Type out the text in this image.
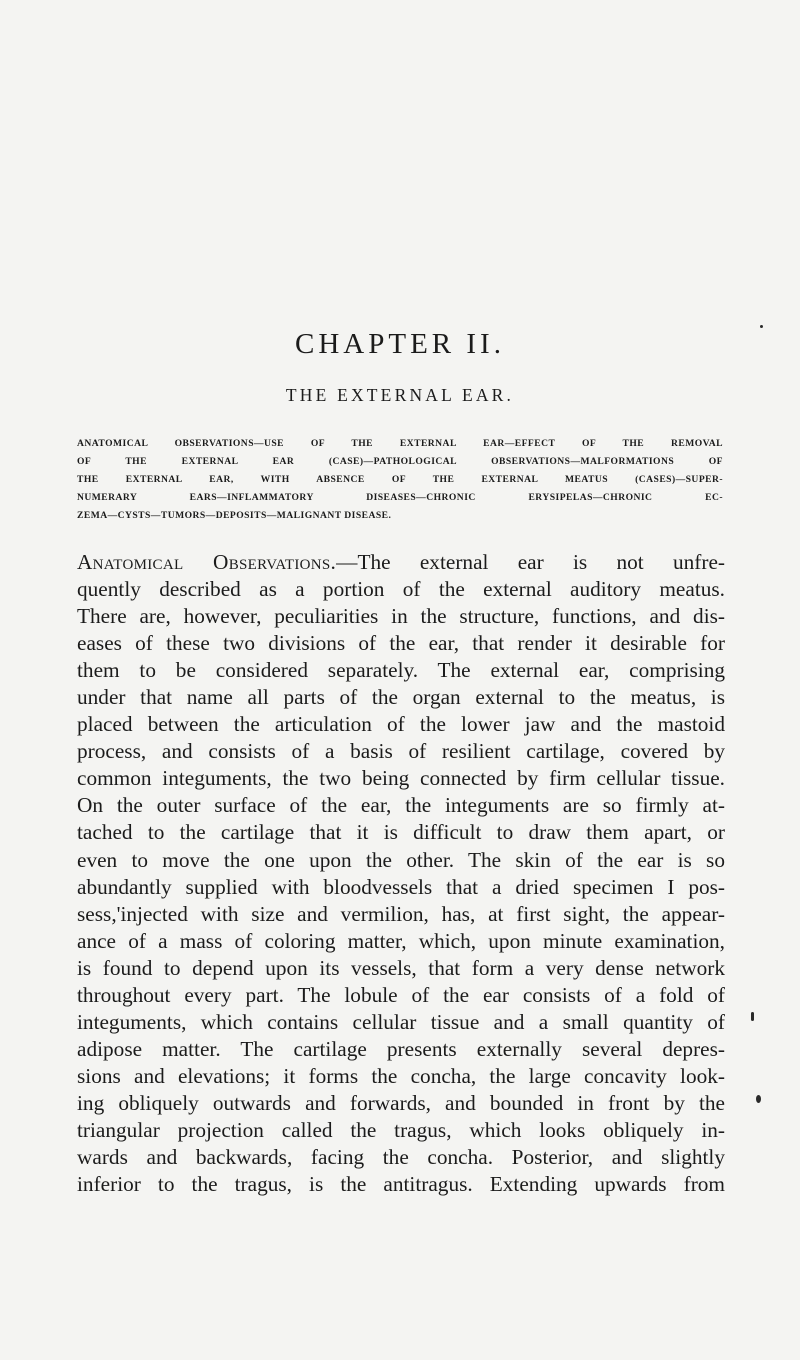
CHAPTER II.
THE EXTERNAL EAR.
ANATOMICAL OBSERVATIONS—USE OF THE EXTERNAL EAR—EFFECT OF THE REMOVAL
OF THE EXTERNAL EAR (CASE)—PATHOLOGICAL OBSERVATIONS—MALFORMATIONS OF
THE EXTERNAL EAR, WITH ABSENCE OF THE EXTERNAL MEATUS (CASES)—SUPER-
NUMERARY EARS—INFLAMMATORY DISEASES—CHRONIC ERYSIPELAS—CHRONIC EC-
ZEMA—CYSTS—TUMORS—DEPOSITS—MALIGNANT DISEASE.
Anatomical Observations.—The external ear is not unfre-
quently described as a portion of the external auditory meatus.
There are, however, peculiarities in the structure, functions, and dis-
eases of these two divisions of the ear, that render it desirable for
them to be considered separately. The external ear, comprising
under that name all parts of the organ external to the meatus, is
placed between the articulation of the lower jaw and the mastoid
process, and consists of a basis of resilient cartilage, covered by
common integuments, the two being connected by firm cellular tissue.
On the outer surface of the ear, the integuments are so firmly at-
tached to the cartilage that it is difficult to draw them apart, or
even to move the one upon the other. The skin of the ear is so
abundantly supplied with bloodvessels that a dried specimen I pos-
sess,'injected with size and vermilion, has, at first sight, the appear-
ance of a mass of coloring matter, which, upon minute examination,
is found to depend upon its vessels, that form a very dense network
throughout every part. The lobule of the ear consists of a fold of
integuments, which contains cellular tissue and a small quantity of
adipose matter. The cartilage presents externally several depres-
sions and elevations; it forms the concha, the large concavity look-
ing obliquely outwards and forwards, and bounded in front by the
triangular projection called the tragus, which looks obliquely in-
wards and backwards, facing the concha. Posterior, and slightly
inferior to the tragus, is the antitragus. Extending upwards from
